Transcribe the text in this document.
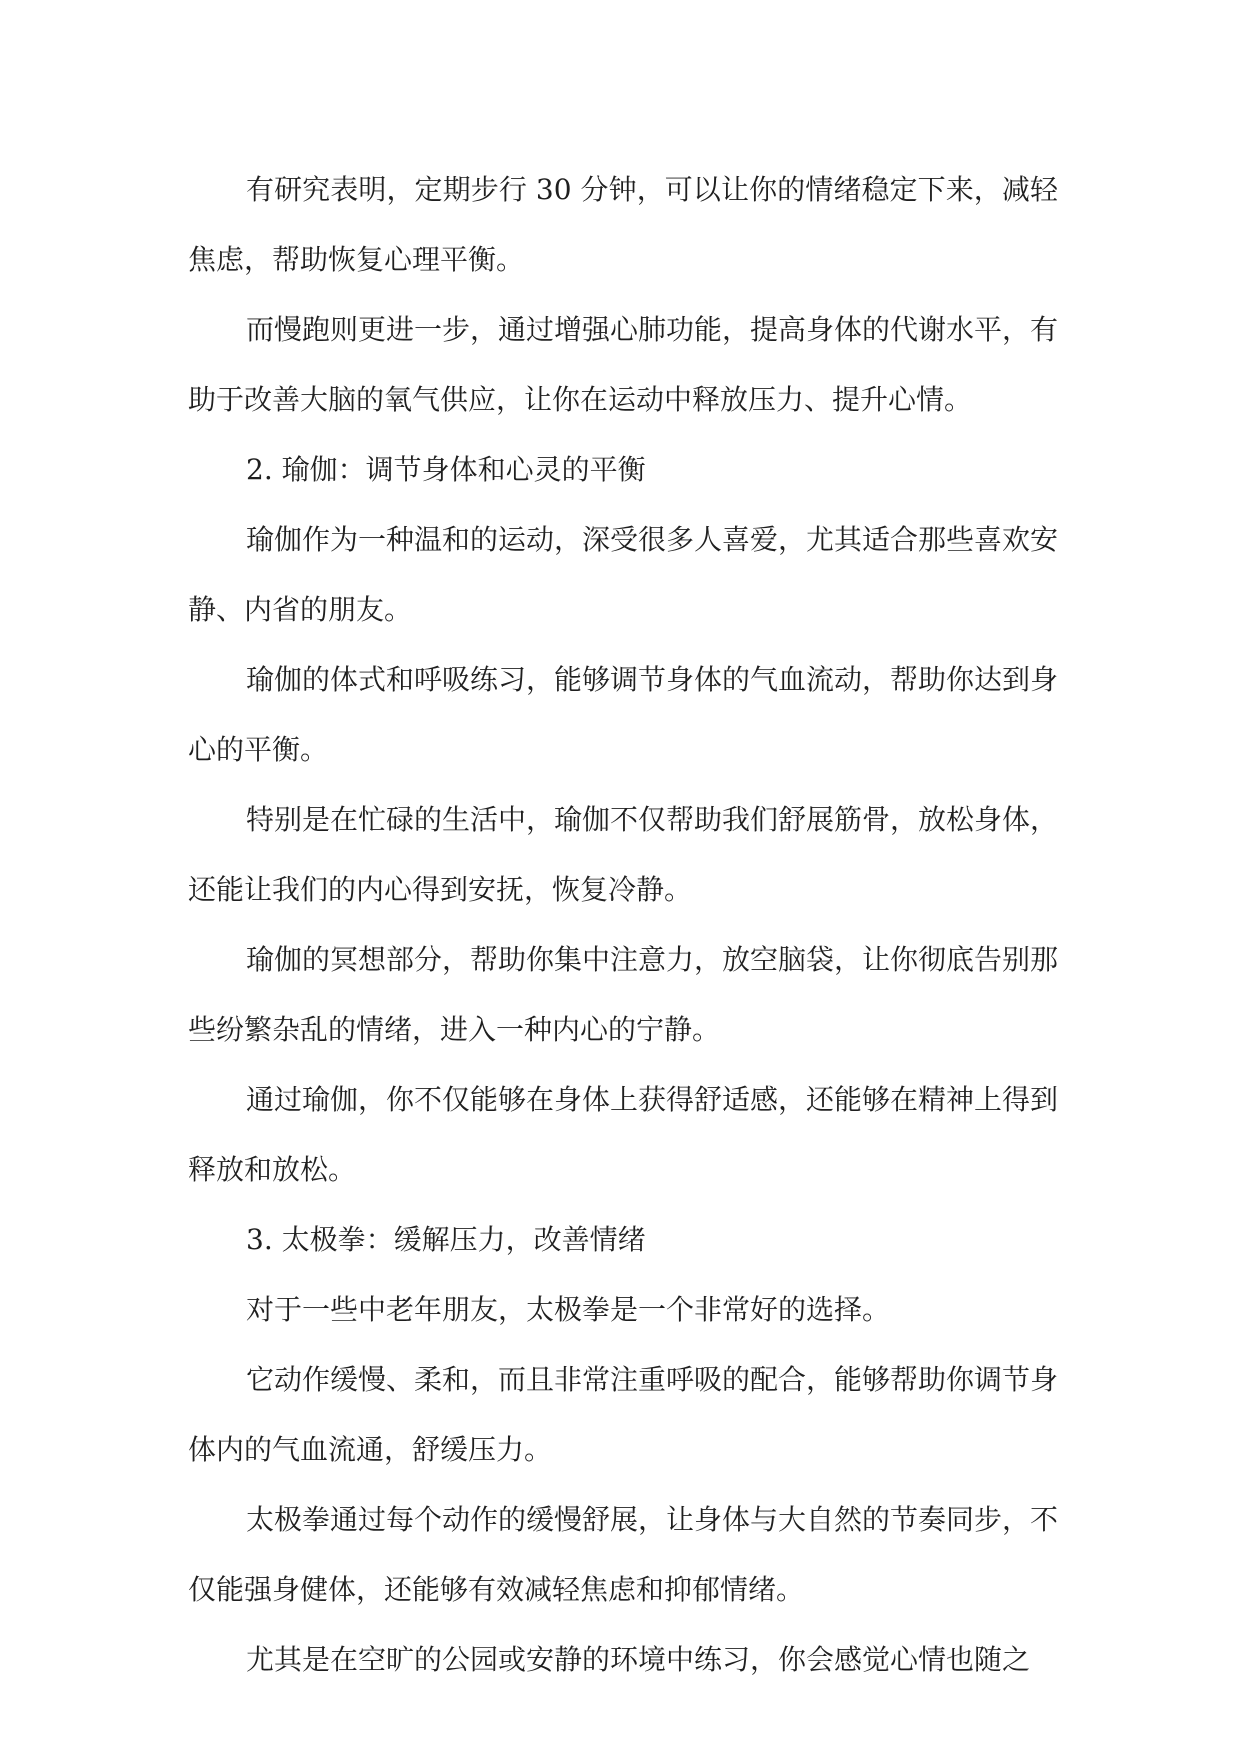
有研究表明，定期步行 30 分钟，可以让你的情绪稳定下来，减轻焦虑，帮助恢复心理平衡。

而慢跑则更进一步，通过增强心肺功能，提高身体的代谢水平，有助于改善大脑的氧气供应，让你在运动中释放压力、提升心情。

2. 瑜伽：调节身体和心灵的平衡

瑜伽作为一种温和的运动，深受很多人喜爱，尤其适合那些喜欢安静、内省的朋友。

瑜伽的体式和呼吸练习，能够调节身体的气血流动，帮助你达到身心的平衡。

特别是在忙碌的生活中，瑜伽不仅帮助我们舒展筋骨，放松身体，还能让我们的内心得到安抚，恢复冷静。

瑜伽的冥想部分，帮助你集中注意力，放空脑袋，让你彻底告别那些纷繁杂乱的情绪，进入一种内心的宁静。

通过瑜伽，你不仅能够在身体上获得舒适感，还能够在精神上得到释放和放松。

3. 太极拳：缓解压力，改善情绪

对于一些中老年朋友，太极拳是一个非常好的选择。

它动作缓慢、柔和，而且非常注重呼吸的配合，能够帮助你调节身体内的气血流通，舒缓压力。

太极拳通过每个动作的缓慢舒展，让身体与大自然的节奏同步，不仅能强身健体，还能够有效减轻焦虑和抑郁情绪。

尤其是在空旷的公园或安静的环境中练习，你会感觉心情也随之
